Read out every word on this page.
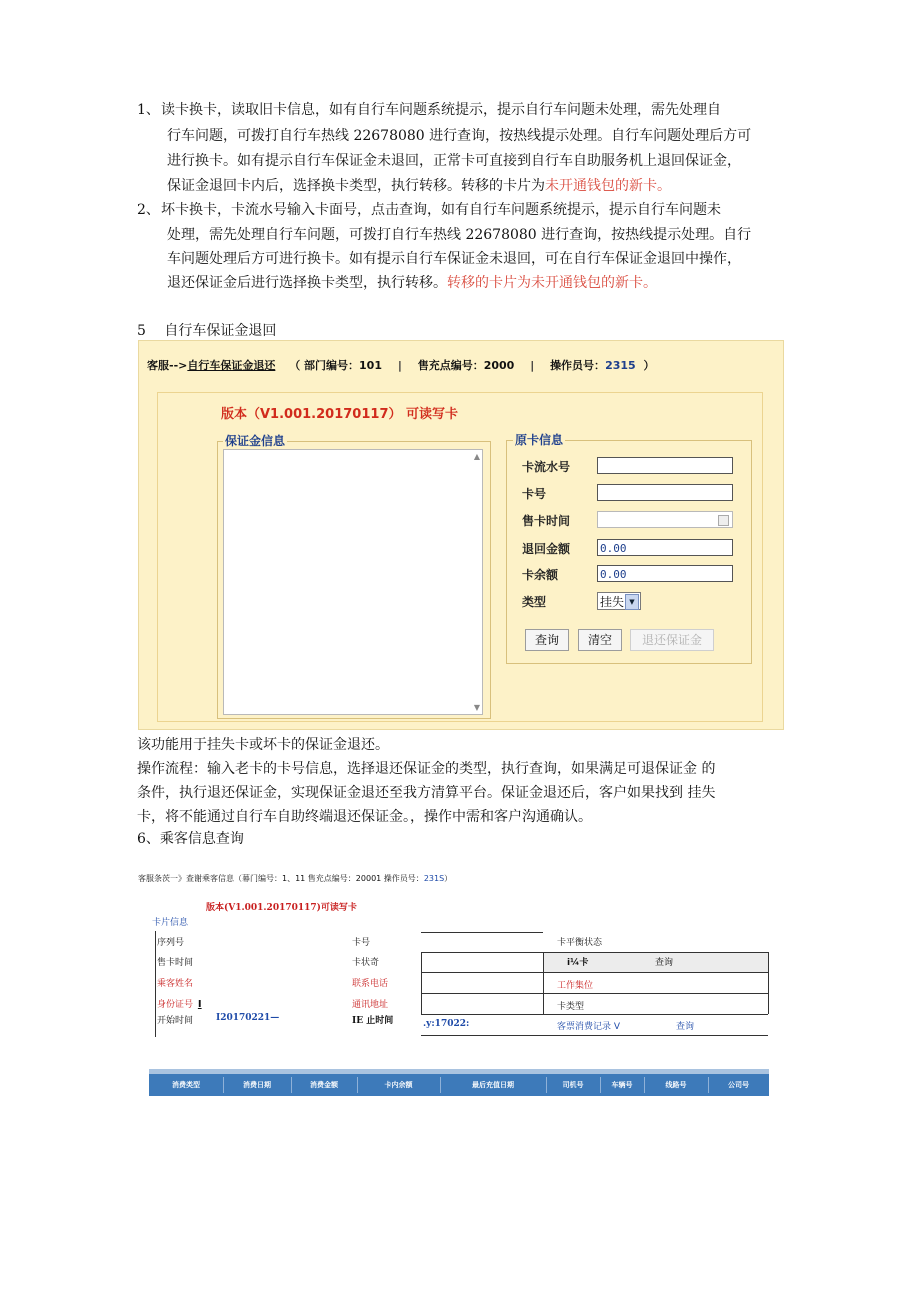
1、 读卡换卡，读取旧卡信息，如有自行车问题系统提示，提示自行车问题未处理，需先处理自
行车问题，可拨打自行车热线 22678080 进行查询，按热线提示处理。自行车问题处理后方可
进行换卡。如有提示自行车保证金未退回，正常卡可直接到自行车自助服务机上退回保证金，
保证金退回卡内后，选择换卡类型，执行转移。转移的卡片为未开通钱包的新卡。
2、 坏卡换卡，卡流水号输入卡面号，点击查询，如有自行车问题系统提示，提示自行车问题未
处理，需先处理自行车问题，可拨打自行车热线 22678080 进行查询，按热线提示处理。自行
车问题处理后方可进行换卡。如有提示自行车保证金未退回，可在自行车保证金退回中操作，
退还保证金后进行选择换卡类型，执行转移。转移的卡片为未开通钱包的新卡。
5 自行车保证金退回
客服-->自行车保证金退还 （ 部门编号：101 | 售充点编号：2000 | 操作员号：2315 ）
版本（V1.001.20170117） 可读写卡
保证金信息
▲
▼
原卡信息
卡流水号
卡号
售卡时间
退回金额	0.00
卡余额	0.00
类型	挂失 ▼
查询	清空	退还保证金
该功能用于挂失卡或坏卡的保证金退还。
操作流程：输入老卡的卡号信息，选择退还保证金的类型，执行查询，如果满足可退保证金 的
条件，执行退还保证金，实现保证金退还至我方清算平台。保证金退还后，客户如果找到 挂失
卡，将不能通过自行车自助终端退还保证金。，操作中需和客户沟通确认。
6、乘客信息查询
客服条茨一》查谢乘客信息（幕门编号：1、11 售充点编号：20001 操作员号：231S）
版本(V1.001.20170117)可读写卡
卡片信息
序列号	卡号	卡平衡状态
售卡时间	卡状奇	i¼卡	查询
乘客姓名	联系电话	工作集位
身份证号 I	通讯地址	卡类型
开始时间	I20170221—	IE 止时间	.y:17022:	客票消费记录 V	查询
消费类型	消费日期	消费金额	卡内余额	最后充值日期	司机号	车辆号	线路号	公司号
